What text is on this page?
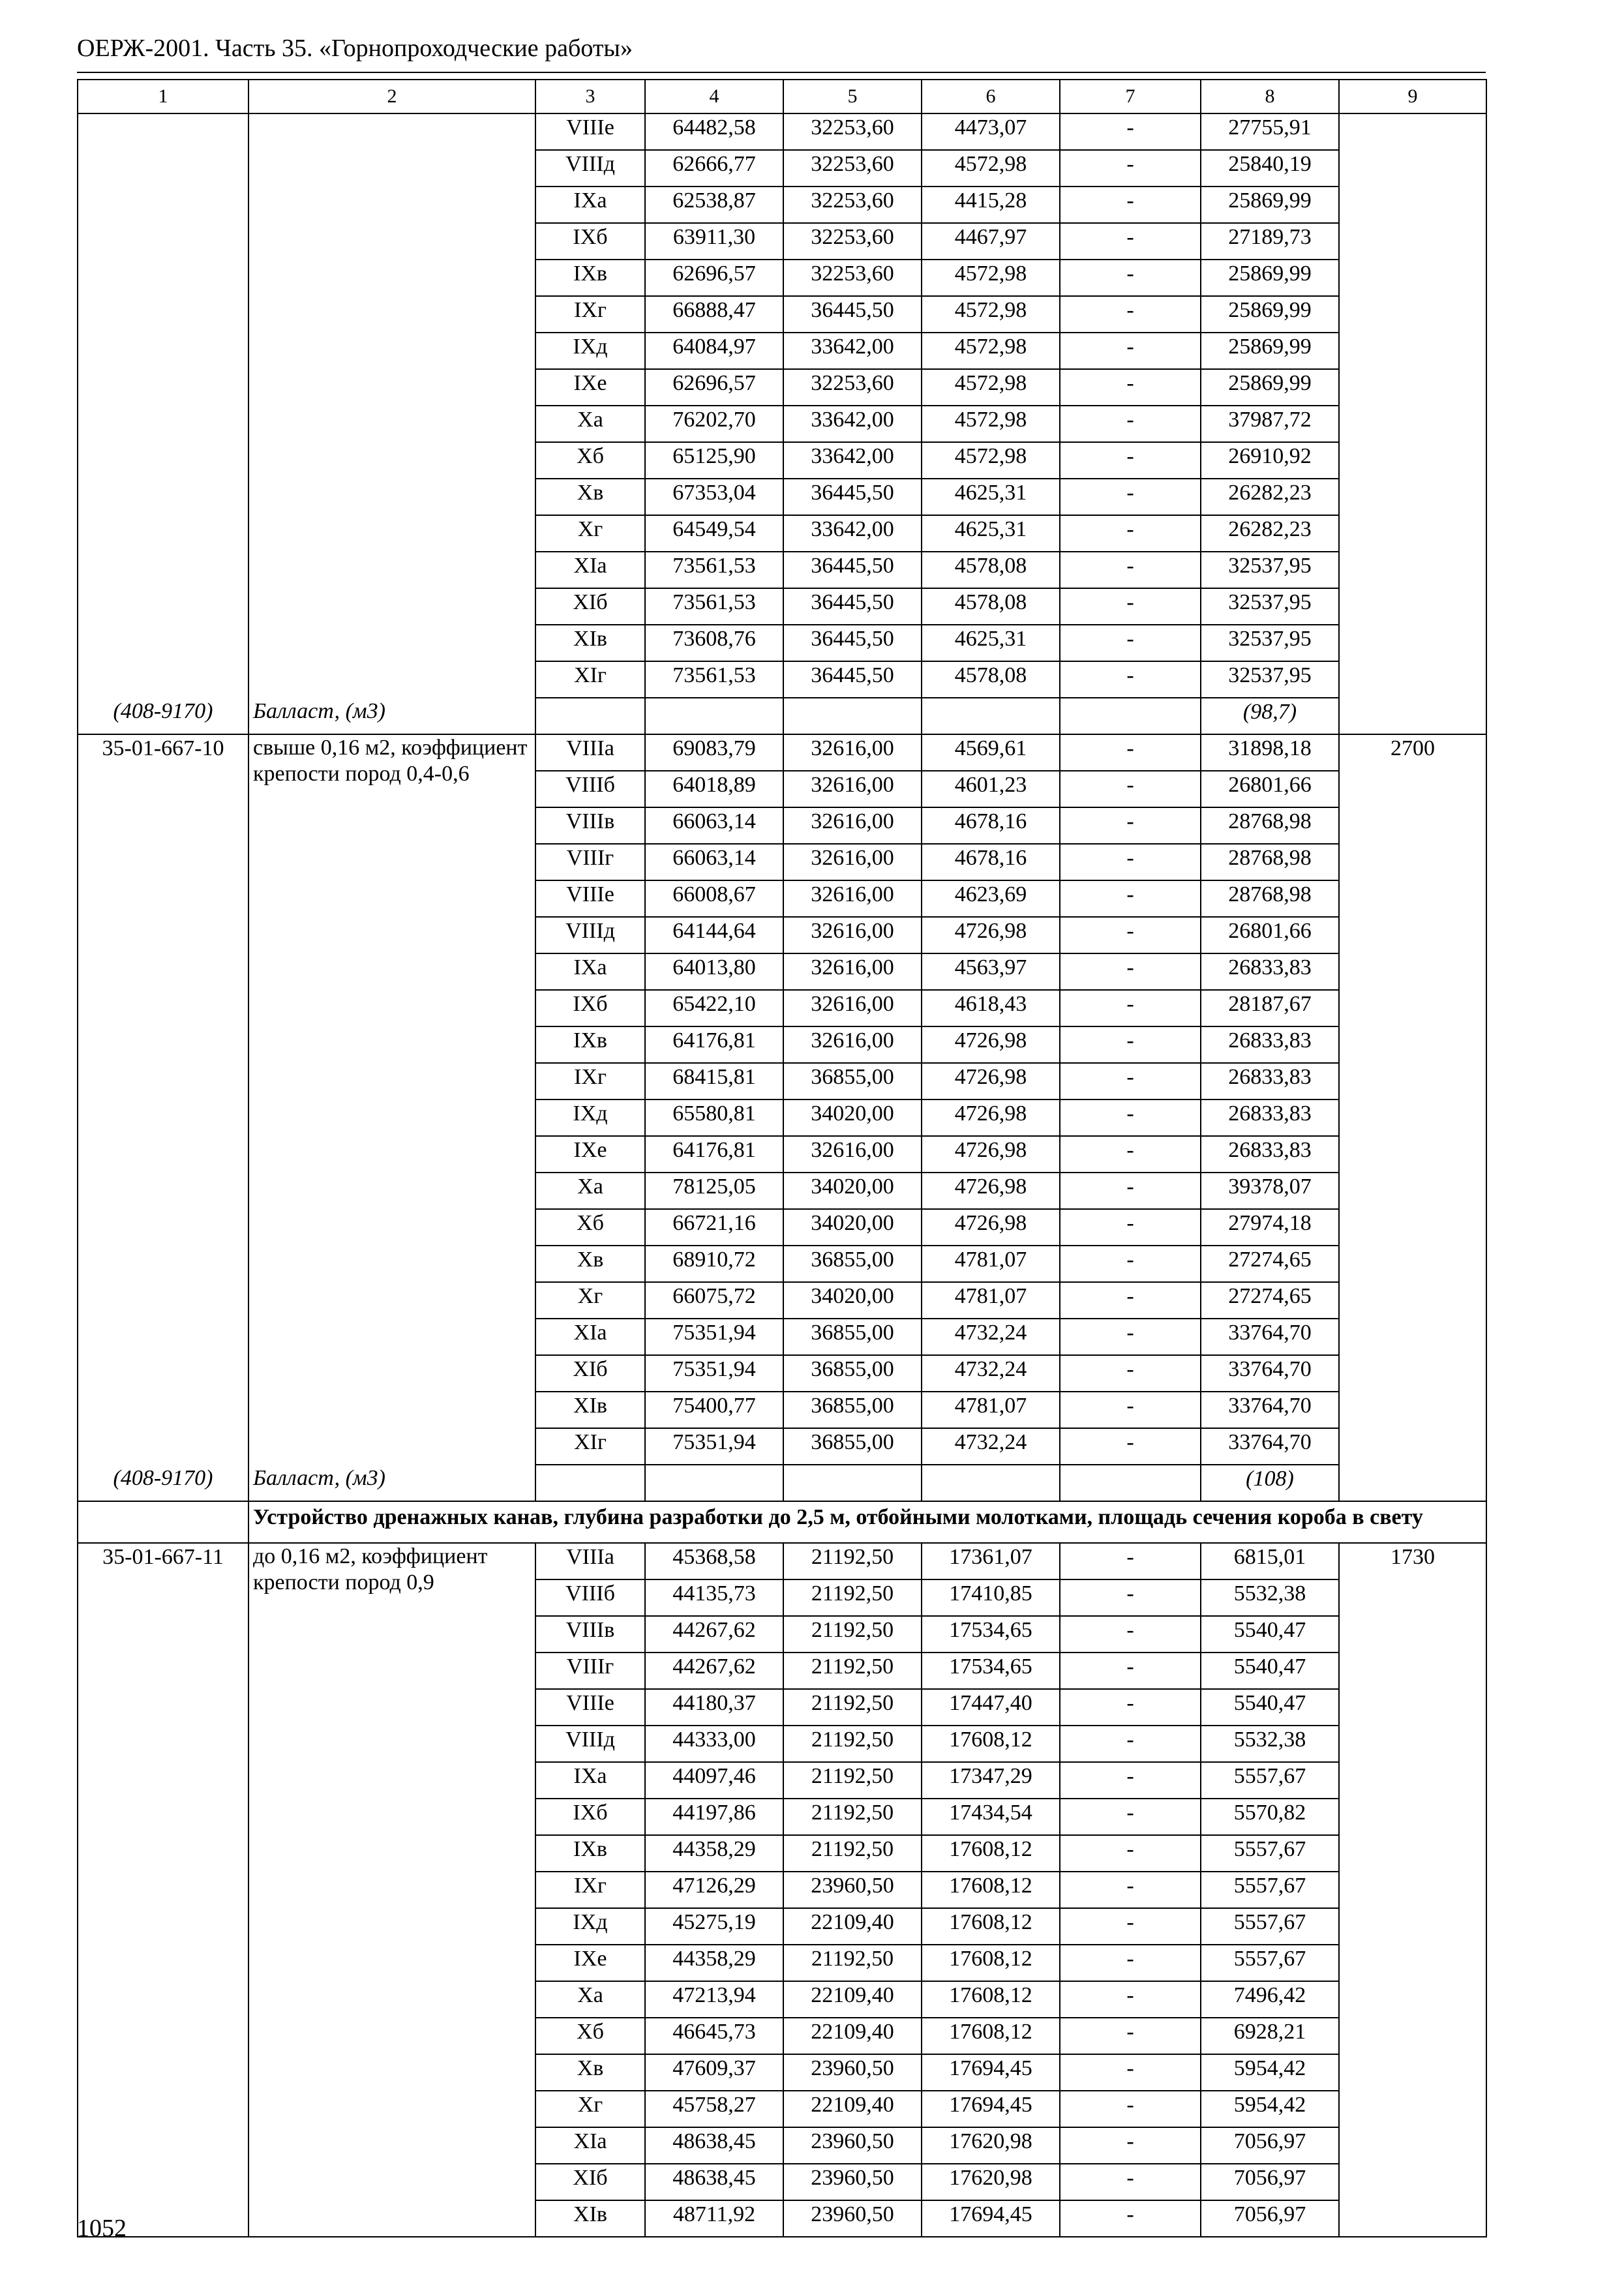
ОЕРЖ-2001. Часть 35. «Горнопроходческие работы»
1	2	3	4	5	6	7	8	9
		VIIIе	64482,58	32253,60	4473,07	-	27755,91	
		VIIIд	62666,77	32253,60	4572,98	-	25840,19	
		IXа	62538,87	32253,60	4415,28	-	25869,99	
		IXб	63911,30	32253,60	4467,97	-	27189,73	
		IXв	62696,57	32253,60	4572,98	-	25869,99	
		IXг	66888,47	36445,50	4572,98	-	25869,99	
		IXд	64084,97	33642,00	4572,98	-	25869,99	
		IXе	62696,57	32253,60	4572,98	-	25869,99	
		Xа	76202,70	33642,00	4572,98	-	37987,72	
		Xб	65125,90	33642,00	4572,98	-	26910,92	
		Xв	67353,04	36445,50	4625,31	-	26282,23	
		Xг	64549,54	33642,00	4625,31	-	26282,23	
		XIа	73561,53	36445,50	4578,08	-	32537,95	
		XIб	73561,53	36445,50	4578,08	-	32537,95	
		XIв	73608,76	36445,50	4625,31	-	32537,95	
		XIг	73561,53	36445,50	4578,08	-	32537,95	
(408-9170)	Балласт, (м3)						(98,7)	
35-01-667-10	свыше 0,16 м2, коэффициент крепости пород 0,4-0,6	VIIIа	69083,79	32616,00	4569,61	-	31898,18	2700
		VIIIб	64018,89	32616,00	4601,23	-	26801,66	
		VIIIв	66063,14	32616,00	4678,16	-	28768,98	
		VIIIг	66063,14	32616,00	4678,16	-	28768,98	
		VIIIе	66008,67	32616,00	4623,69	-	28768,98	
		VIIIд	64144,64	32616,00	4726,98	-	26801,66	
		IXа	64013,80	32616,00	4563,97	-	26833,83	
		IXб	65422,10	32616,00	4618,43	-	28187,67	
		IXв	64176,81	32616,00	4726,98	-	26833,83	
		IXг	68415,81	36855,00	4726,98	-	26833,83	
		IXд	65580,81	34020,00	4726,98	-	26833,83	
		IXе	64176,81	32616,00	4726,98	-	26833,83	
		Xа	78125,05	34020,00	4726,98	-	39378,07	
		Xб	66721,16	34020,00	4726,98	-	27974,18	
		Xв	68910,72	36855,00	4781,07	-	27274,65	
		Xг	66075,72	34020,00	4781,07	-	27274,65	
		XIа	75351,94	36855,00	4732,24	-	33764,70	
		XIб	75351,94	36855,00	4732,24	-	33764,70	
		XIв	75400,77	36855,00	4781,07	-	33764,70	
		XIг	75351,94	36855,00	4732,24	-	33764,70	
(408-9170)	Балласт, (м3)						(108)	
	Устройство дренажных канав, глубина разработки до 2,5 м, отбойными молотками, площадь сечения короба в свету							
35-01-667-11	до 0,16 м2, коэффициент крепости пород 0,9	VIIIа	45368,58	21192,50	17361,07	-	6815,01	1730
		VIIIб	44135,73	21192,50	17410,85	-	5532,38	
		VIIIв	44267,62	21192,50	17534,65	-	5540,47	
		VIIIг	44267,62	21192,50	17534,65	-	5540,47	
		VIIIе	44180,37	21192,50	17447,40	-	5540,47	
		VIIIд	44333,00	21192,50	17608,12	-	5532,38	
		IXа	44097,46	21192,50	17347,29	-	5557,67	
		IXб	44197,86	21192,50	17434,54	-	5570,82	
		IXв	44358,29	21192,50	17608,12	-	5557,67	
		IXг	47126,29	23960,50	17608,12	-	5557,67	
		IXд	45275,19	22109,40	17608,12	-	5557,67	
		IXе	44358,29	21192,50	17608,12	-	5557,67	
		Xа	47213,94	22109,40	17608,12	-	7496,42	
		Xб	46645,73	22109,40	17608,12	-	6928,21	
		Xв	47609,37	23960,50	17694,45	-	5954,42	
		Xг	45758,27	22109,40	17694,45	-	5954,42	
		XIа	48638,45	23960,50	17620,98	-	7056,97	
		XIб	48638,45	23960,50	17620,98	-	7056,97	
		XIв	48711,92	23960,50	17694,45	-	7056,97	
1052
